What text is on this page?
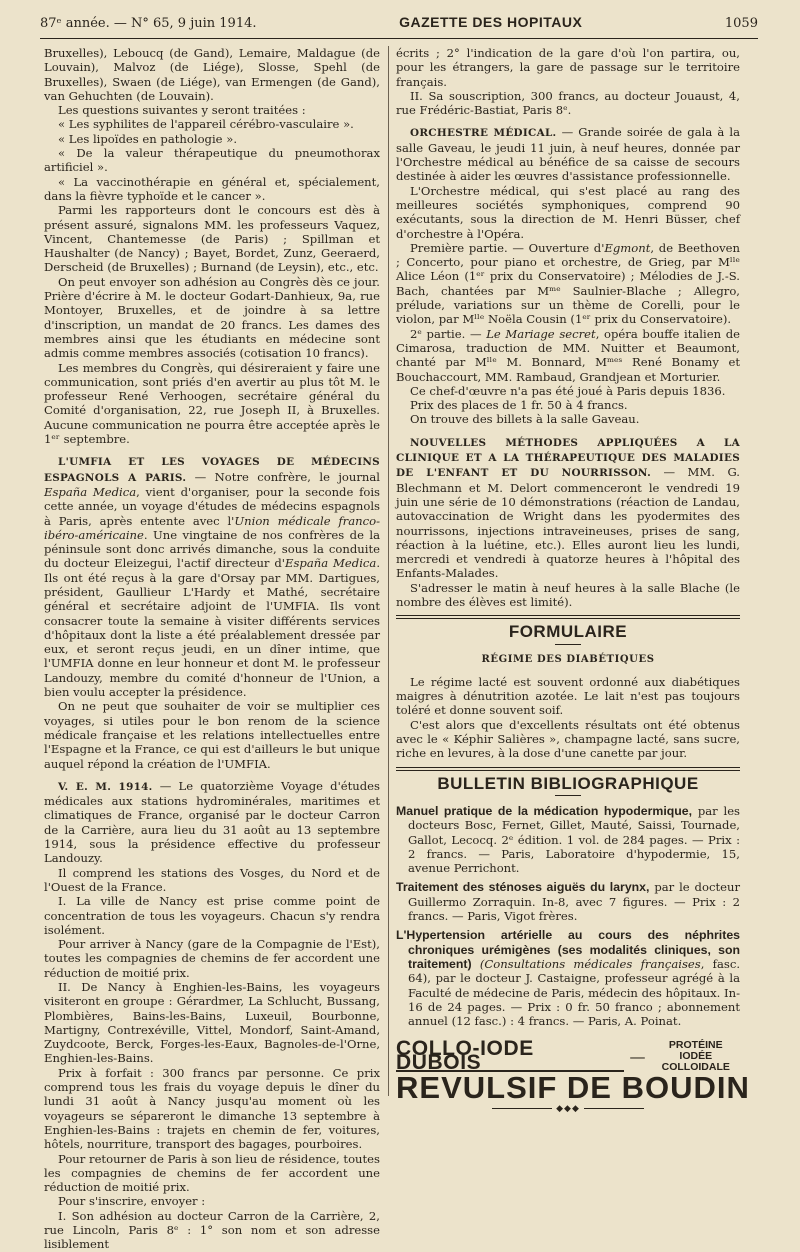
87ᵉ année. — N° 65, 9 juin 1914.	GAZETTE DES HOPITAUX	1059

Bruxelles), Leboucq (de Gand), Lemaire, Maldague (de Louvain), Malvoz (de Liége), Slosse, Spehl (de Bruxelles), Swaen (de Liége), van Ermengen (de Gand), van Gehuchten (de Louvain).

Les questions suivantes y seront traitées :

« Les syphilites de l'appareil cérébro-vasculaire ».

« Les lipoïdes en pathologie ».

« De la valeur thérapeutique du pneumothorax artificiel ».

« La vaccinothérapie en général et, spécialement, dans la fièvre typhoïde et le cancer ».

Parmi les rapporteurs dont le concours est dès à présent assuré, signalons MM. les professeurs Vaquez, Vincent, Chantemesse (de Paris) ; Spillman et Haushalter (de Nancy) ; Bayet, Bordet, Zunz, Geeraerd, Derscheid (de Bruxelles) ; Burnand (de Leysin), etc., etc.

On peut envoyer son adhésion au Congrès dès ce jour. Prière d'écrire à M. le docteur Godart-Danhieux, 9a, rue Montoyer, Bruxelles, et de joindre à sa lettre d'inscription, un mandat de 20 francs. Les dames des membres ainsi que les étudiants en médecine sont admis comme membres associés (cotisation 10 francs).

Les membres du Congrès, qui désireraient y faire une communication, sont priés d'en avertir au plus tôt M. le professeur René Verhoogen, secrétaire général du Comité d'organisation, 22, rue Joseph II, à Bruxelles. Aucune communication ne pourra être acceptée après le 1ᵉʳ septembre.

L'UMFIA ET LES VOYAGES DE MÉDECINS ESPAGNOLS A PARIS. — Notre confrère, le journal España Medica, vient d'organiser, pour la seconde fois cette année, un voyage d'études de médecins espagnols à Paris, après entente avec l'Union médicale franco-ibéro-américaine. Une vingtaine de nos confrères de la péninsule sont donc arrivés dimanche, sous la conduite du docteur Eleizegui, l'actif directeur d'España Medica. Ils ont été reçus à la gare d'Orsay par MM. Dartigues, président, Gaullieur L'Hardy et Mathé, secrétaire général et secrétaire adjoint de l'UMFIA. Ils vont consacrer toute la semaine à visiter différents services d'hôpitaux dont la liste a été préalablement dressée par eux, et seront reçus jeudi, en un dîner intime, que l'UMFIA donne en leur honneur et dont M. le professeur Landouzy, membre du comité d'honneur de l'Union, a bien voulu accepter la présidence.

On ne peut que souhaiter de voir se multiplier ces voyages, si utiles pour le bon renom de la science médicale française et les relations intellectuelles entre l'Espagne et la France, ce qui est d'ailleurs le but unique auquel répond la création de l'UMFIA.

V. E. M. 1914. — Le quatorzième Voyage d'études médicales aux stations hydrominérales, maritimes et climatiques de France, organisé par le docteur Carron de la Carrière, aura lieu du 31 août au 13 septembre 1914, sous la présidence effective du professeur Landouzy.

Il comprend les stations des Vosges, du Nord et de l'Ouest de la France.

I. La ville de Nancy est prise comme point de concentration de tous les voyageurs. Chacun s'y rendra isolément.

Pour arriver à Nancy (gare de la Compagnie de l'Est), toutes les compagnies de chemins de fer accordent une réduction de moitié prix.

II. De Nancy à Enghien-les-Bains, les voyageurs visiteront en groupe : Gérardmer, La Schlucht, Bussang, Plombières, Bains-les-Bains, Luxeuil, Bourbonne, Martigny, Contrexéville, Vittel, Mondorf, Saint-Amand, Zuydcoote, Berck, Forges-les-Eaux, Bagnoles-de-l'Orne, Enghien-les-Bains.

Prix à forfait : 300 francs par personne. Ce prix comprend tous les frais du voyage depuis le dîner du lundi 31 août à Nancy jusqu'au moment où les voyageurs se sépareront le dimanche 13 septembre à Enghien-les-Bains : trajets en chemin de fer, voitures, hôtels, nourriture, transport des bagages, pourboires.

Pour retourner de Paris à son lieu de résidence, toutes les compagnies de chemins de fer accordent une réduction de moitié prix.

Pour s'inscrire, envoyer :

I. Son adhésion au docteur Carron de la Carrière, 2, rue Lincoln, Paris 8ᵉ : 1° son nom et son adresse lisiblement

écrits ; 2° l'indication de la gare d'où l'on partira, ou, pour les étrangers, la gare de passage sur le territoire français.

II. Sa souscription, 300 francs, au docteur Jouaust, 4, rue Frédéric-Bastiat, Paris 8ᵉ.

ORCHESTRE MÉDICAL. — Grande soirée de gala à la salle Gaveau, le jeudi 11 juin, à neuf heures, donnée par l'Orchestre médical au bénéfice de sa caisse de secours destinée à aider les œuvres d'assistance professionnelle.

L'Orchestre médical, qui s'est placé au rang des meilleures sociétés symphoniques, comprend 90 exécutants, sous la direction de M. Henri Büsser, chef d'orchestre à l'Opéra.

Première partie. — Ouverture d'Egmont, de Beethoven ; Concerto, pour piano et orchestre, de Grieg, par Mˡˡᵉ Alice Léon (1ᵉʳ prix du Conservatoire) ; Mélodies de J.-S. Bach, chantées par Mᵐᵉ Saulnier-Blache ; Allegro, prélude, variations sur un thème de Corelli, pour le violon, par Mˡˡᵉ Noëla Cousin (1ᵉʳ prix du Conservatoire).

2ᵉ partie. — Le Mariage secret, opéra bouffe italien de Cimarosa, traduction de MM. Nuitter et Beaumont, chanté par Mˡˡᵉ M. Bonnard, Mᵐᵉˢ René Bonamy et Bouchaccourt, MM. Rambaud, Grandjean et Morturier.

Ce chef-d'œuvre n'a pas été joué à Paris depuis 1836.

Prix des places de 1 fr. 50 à 4 francs.

On trouve des billets à la salle Gaveau.

NOUVELLES MÉTHODES APPLIQUÉES A LA CLINIQUE ET A LA THÉRAPEUTIQUE DES MALADIES DE L'ENFANT ET DU NOURRISSON. — MM. G. Blechmann et M. Delort commenceront le vendredi 19 juin une série de 10 démonstrations (réaction de Landau, autovaccination de Wright dans les pyodermites des nourrissons, injections intraveineuses, prises de sang, réaction à la luétine, etc.). Elles auront lieu les lundi, mercredi et vendredi à quatorze heures à l'hôpital des Enfants-Malades.

S'adresser le matin à neuf heures à la salle Blache (le nombre des élèves est limité).

FORMULAIRE
RÉGIME DES DIABÉTIQUES

Le régime lacté est souvent ordonné aux diabétiques maigres à dénutrition azotée. Le lait n'est pas toujours toléré et donne souvent soif.

C'est alors que d'excellents résultats ont été obtenus avec le « Képhir Salières », champagne lacté, sans sucre, riche en levures, à la dose d'une canette par jour.

BULLETIN BIBLIOGRAPHIQUE

Manuel pratique de la médication hypodermique, par les docteurs Bosc, Fernet, Gillet, Mauté, Saissi, Tournade, Gallot, Lecocq. 2ᵉ édition. 1 vol. de 284 pages. — Prix : 2 francs. — Paris, Laboratoire d'hypodermie, 15, avenue Perrichont.

Traitement des sténoses aiguës du larynx, par le docteur Guillermo Zorraquin. In-8, avec 7 figures. — Prix : 2 francs. — Paris, Vigot frères.

L'Hypertension artérielle au cours des néphrites chroniques urémigènes (ses modalités cliniques, son traitement) (Consultations médicales françaises, fasc. 64), par le docteur J. Castaigne, professeur agrégé à la Faculté de médecine de Paris, médecin des hôpitaux. In-16 de 24 pages. — Prix : 0 fr. 50 franco ; abonnement annuel (12 fasc.) : 4 francs. — Paris, A. Poinat.

COLLO-IODE DUBOIS	—
PROTÉINE IODÉE
COLLOIDALE
REVULSIF DE BOUDIN
◆◆◆
